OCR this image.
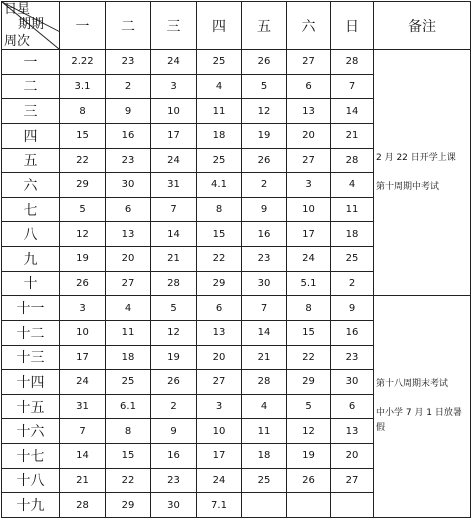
日星
期期
周次	一	二	三	四	五	六	日	备注
一	2.22	23	24	25	26	27	28	2 月 22 日开学上课

第十周期中考试

二	3.1	2	3	4	5	6	7	
三	8	9	10	11	12	13	14	
四	15	16	17	18	19	20	21	
五	22	23	24	25	26	27	28	
六	29	30	31	4.1	2	3	4	
七	5	6	7	8	9	10	11	
八	12	13	14	15	16	17	18	
九	19	20	21	22	23	24	25	
十	26	27	28	29	30	5.1	2	
十一	3	4	5	6	7	8	9	第十八周期末考试

中小学 7 月 1 日放暑假

十二	10	11	12	13	14	15	16	
十三	17	18	19	20	21	22	23	
十四	24	25	26	27	28	29	30	
十五	31	6.1	2	3	4	5	6	
十六	7	8	9	10	11	12	13	
十七	14	15	16	17	18	19	20	
十八	21	22	23	24	25	26	27	
十九	28	29	30	7.1				
